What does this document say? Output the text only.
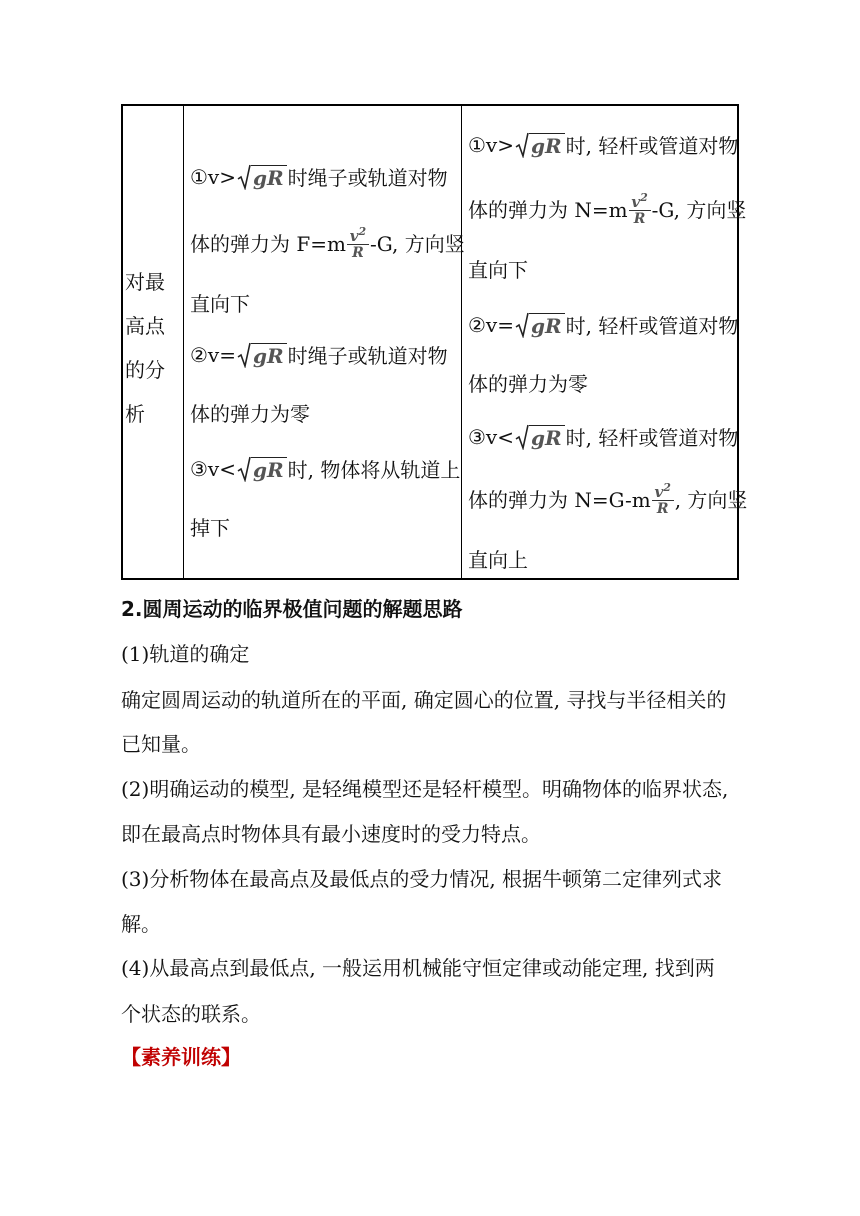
对最
高点
的分
析
①v> gR 时绳子或轨道对物
体的弹力为 $F=m \frac{v^2}{R} -G$, 方向竖
直向下
②v= gR 时绳子或轨道对物
体的弹力为零
③v< gR 时, 物体将从轨道上
掉下
①v> gR 时, 轻杆或管道对物
体的弹力为 $N=m \frac{v^2}{R} -G$, 方向竖
直向下
②v= gR 时, 轻杆或管道对物
体的弹力为零
③v< gR 时, 轻杆或管道对物
体的弹力为 $N=G-m \frac{v^2}{R}$ , 方向竖
直向上
2.圆周运动的临界极值问题的解题思路
(1)轨道的确定
确定圆周运动的轨道所在的平面, 确定圆心的位置, 寻找与半径相关的
已知量。
(2)明确运动的模型, 是轻绳模型还是轻杆模型。明确物体的临界状态,
即在最高点时物体具有最小速度时的受力特点。
(3)分析物体在最高点及最低点的受力情况, 根据牛顿第二定律列式求
解。
(4)从最高点到最低点, 一般运用机械能守恒定律或动能定理, 找到两
个状态的联系。
【素养训练】
